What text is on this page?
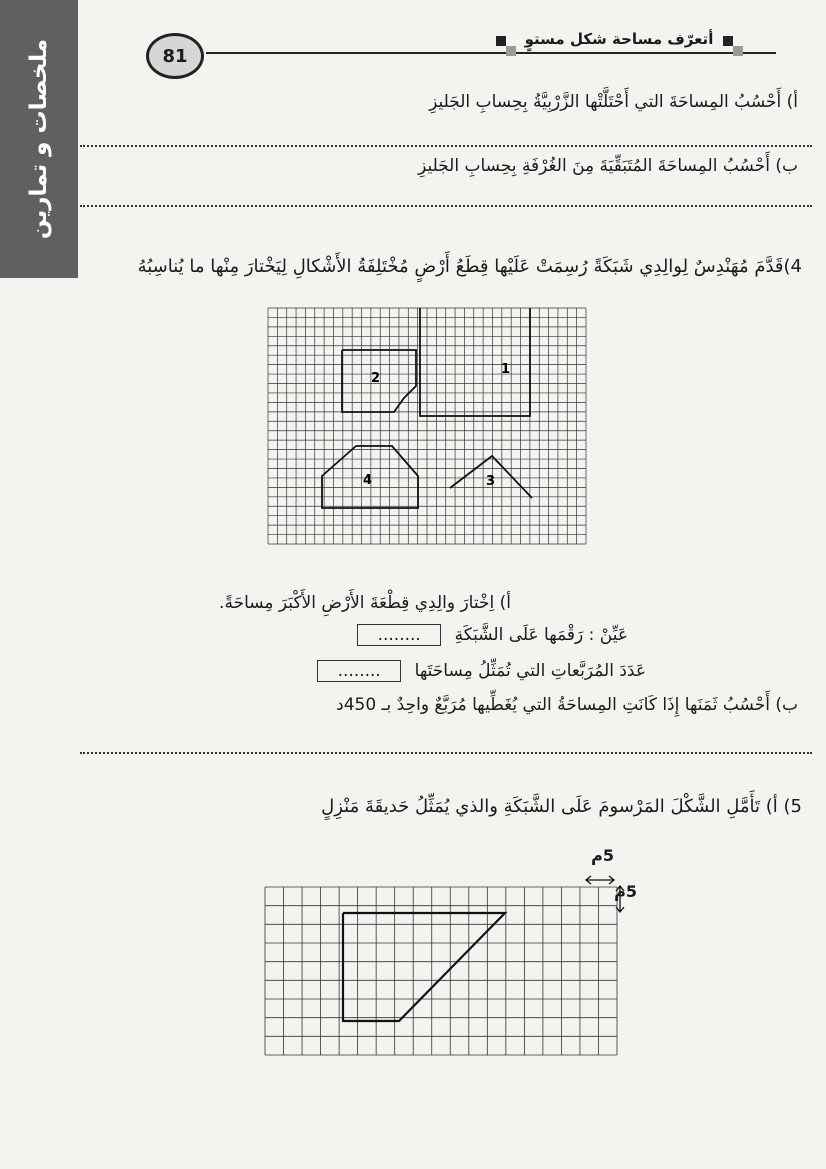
ملخصات و تمارين	81
أتعرّف مساحة شكل مستوٍ
أ) أَحْسُبُ المِساحَةَ التي أَحْتَلَّتْها الزَّرْبِيَّةُ بِحِسابِ الجَليزِ
ب) أَحْسُبُ المِساحَةَ المُتَبَقِّيَةَ مِنَ الغُرْفَةِ بِحِسابِ الجَليزِ
4)قَدَّمَ مُهَنْدِسٌ لِوالِدِي شَبَكَةً رُسِمَتْ عَلَيْها قِطَعُ أَرْضٍ مُخْتَلِفَةُ الأَشْكالِ لِيَخْتارَ مِنْها ما يُناسِبُهُ
1
2
3
4
أ) اِخْتارَ والِدِي قِطْعَةَ الأَرْضِ الأَكْبَرَ مِساحَةً.
عَيِّنْ : رَقْمَها عَلَى الشَّبَكَةِ ........
عَدَدَ المُرَبَّعاتِ التي تُمَثِّلُ مِساحَتَها ........
ب) أَحْسُبُ ثَمَنَها إِذَا كَانَتِ المِساحَةُ التي يُغَطِّيها مُرَبَّعٌ واحِدٌ بـ 450د
5) أ) تَأَمَّلِ الشَّكْلَ المَرْسومَ عَلَى الشَّبَكَةِ والذي يُمَثِّلُ حَديقَةَ مَنْزِلٍ
5م
5م
